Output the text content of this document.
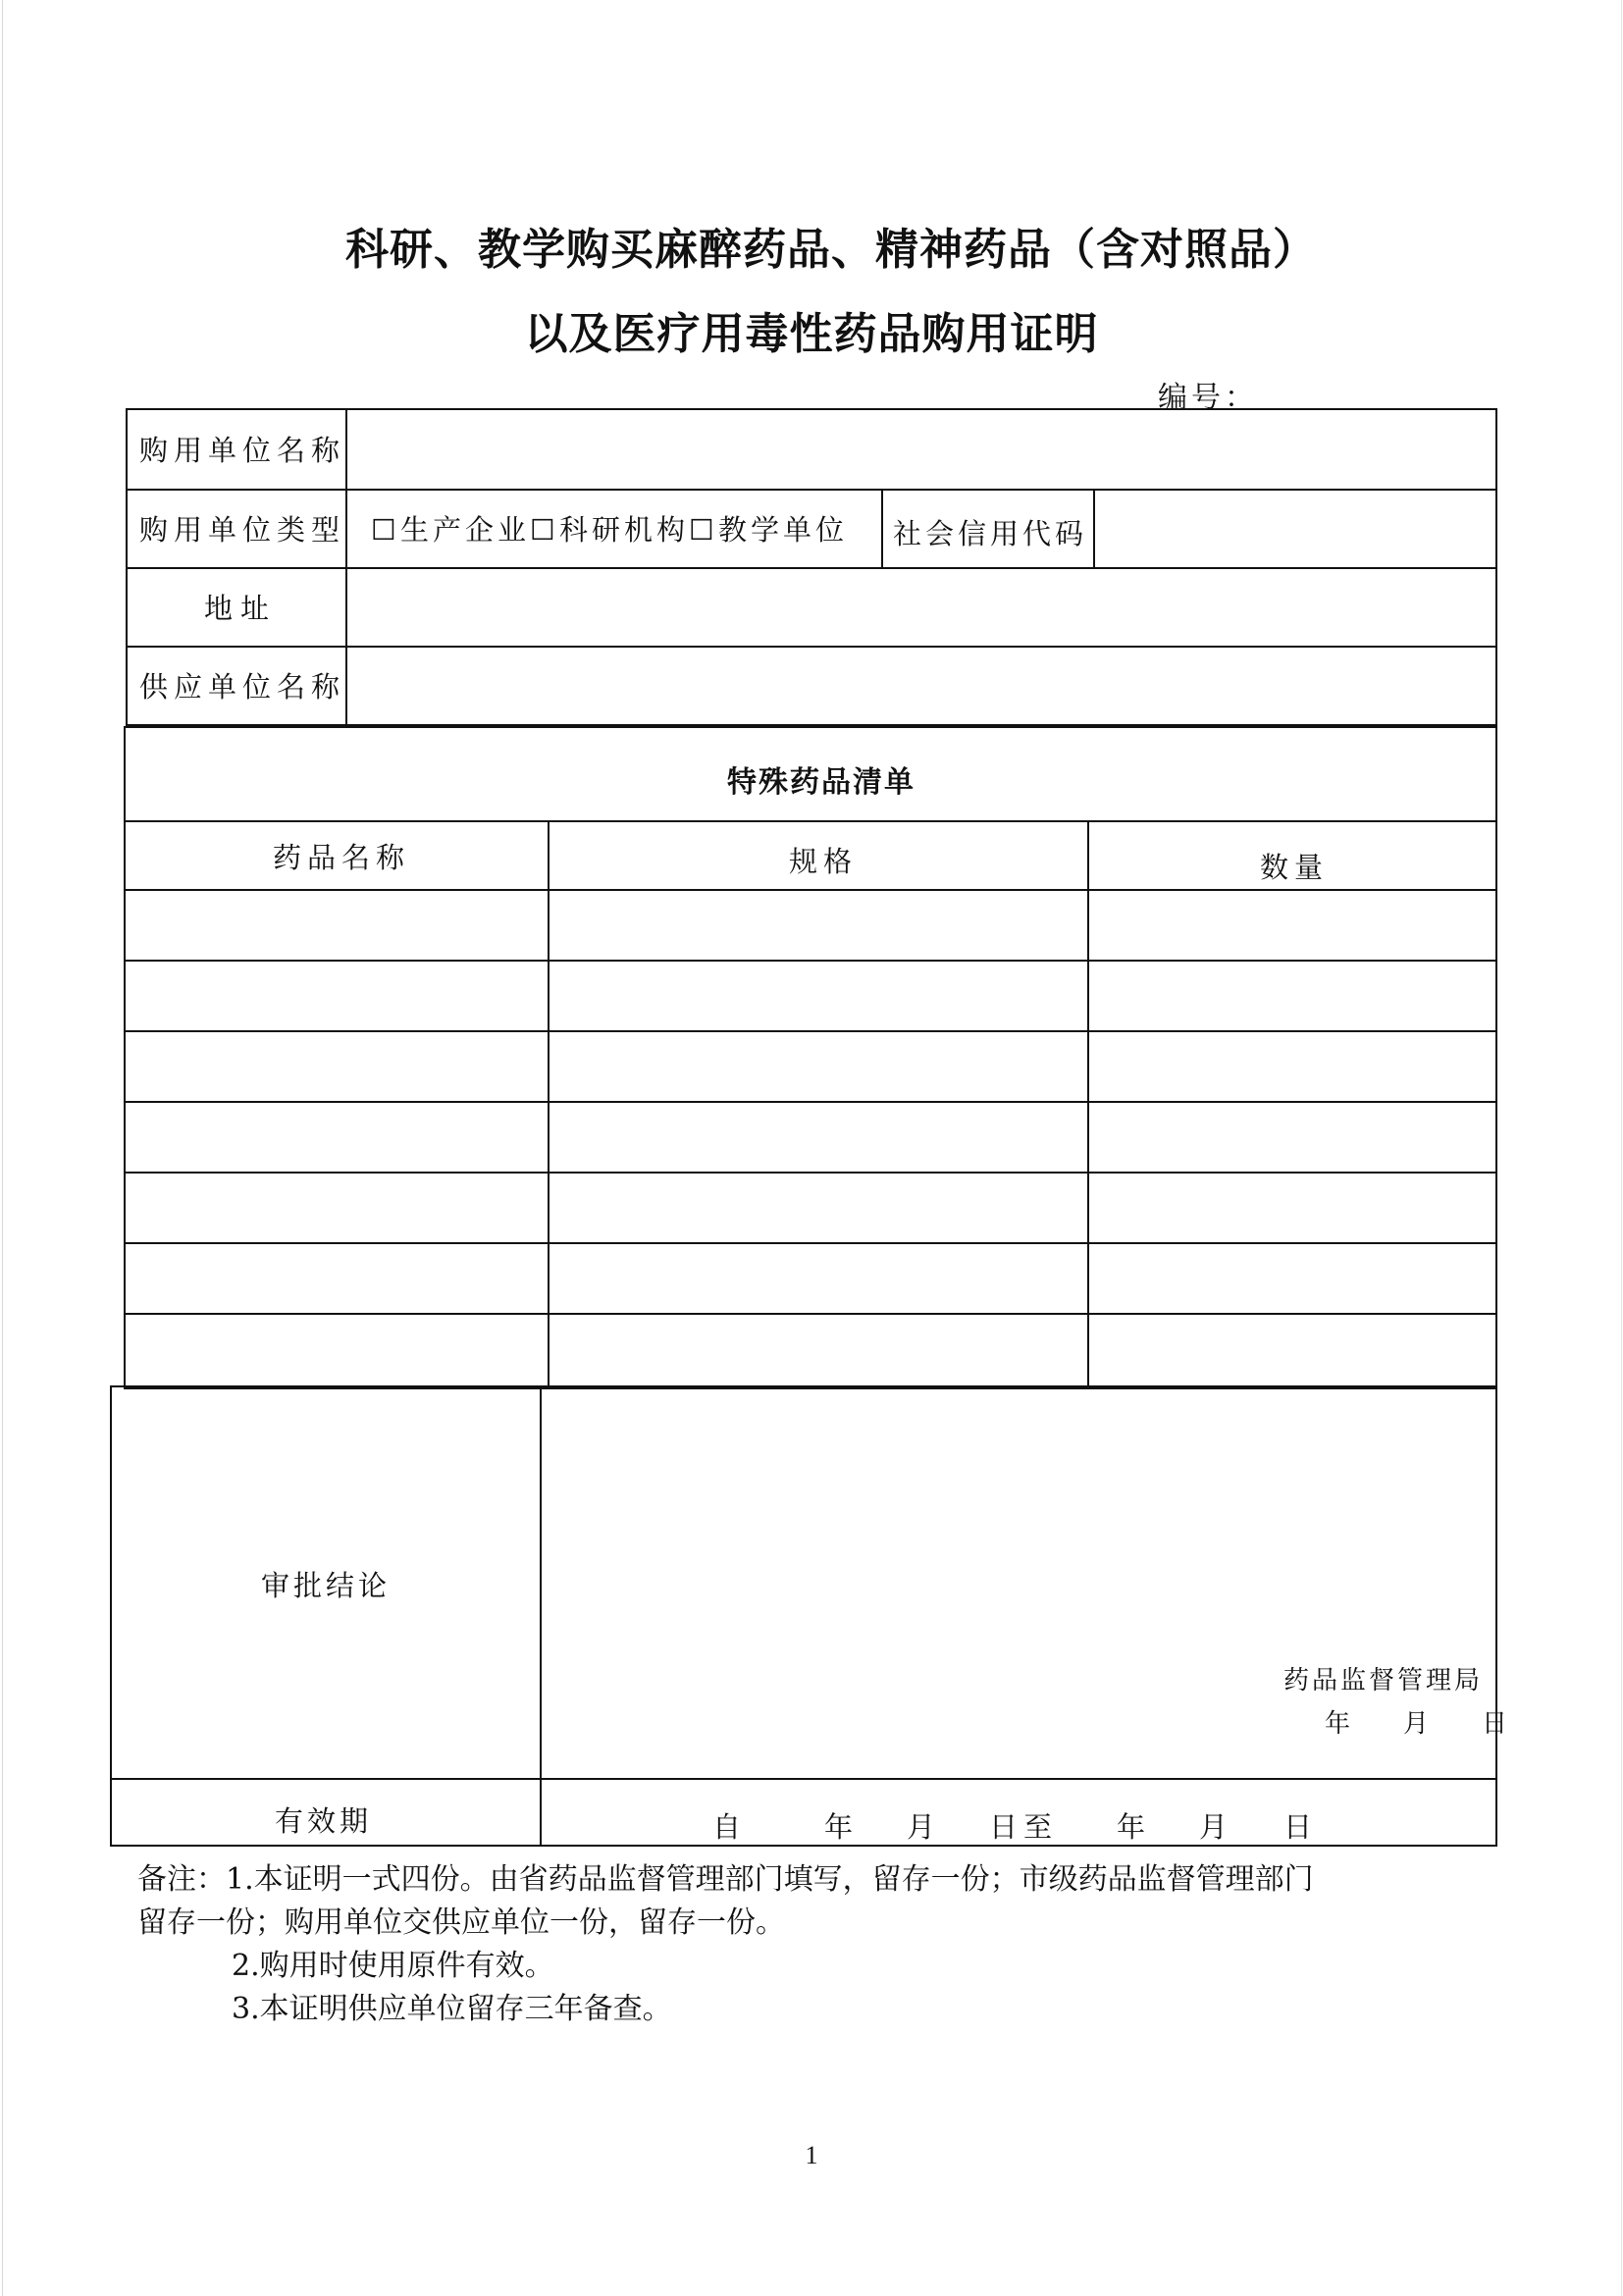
科研、教学购买麻醉药品、精神药品（含对照品）
以及医疗用毒性药品购用证明
编号：
购用单位名称
购用单位类型 ☐生产企业☐科研机构☐教学单位 社会信用代码
地址
供应单位名称
特殊药品清单
药品名称	规格	数量
审批结论
药品监督管理局
年　月　日
有效期	自	年 月 日至 年 月 日
备注：1.本证明一式四份。由省药品监督管理部门填写，留存一份；市级药品监督管理部门
留存一份；购用单位交供应单位一份，留存一份。
2.购用时使用原件有效。
3.本证明供应单位留存三年备查。
1
